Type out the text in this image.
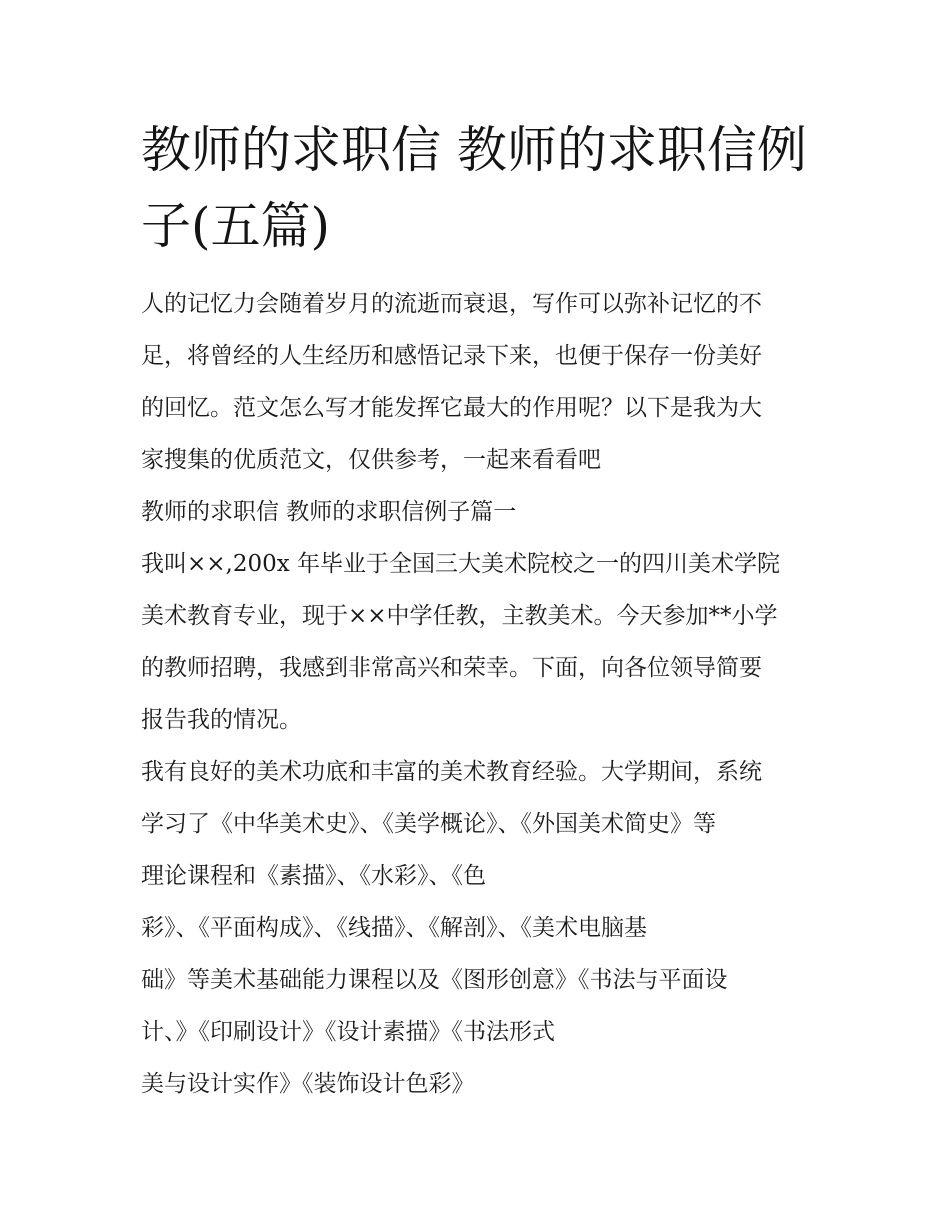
教师的求职信 教师的求职信例
子(五篇)
人的记忆力会随着岁月的流逝而衰退，写作可以弥补记忆的不
足，将曾经的人生经历和感悟记录下来，也便于保存一份美好
的回忆。范文怎么写才能发挥它最大的作用呢？以下是我为大
家搜集的优质范文，仅供参考，一起来看看吧
教师的求职信 教师的求职信例子篇一
我叫××,200x 年毕业于全国三大美术院校之一的四川美术学院
美术教育专业，现于××中学任教，主教美术。今天参加**小学
的教师招聘，我感到非常高兴和荣幸。下面，向各位领导简要
报告我的情况。
我有良好的美术功底和丰富的美术教育经验。大学期间，系统
学习了《中华美术史》、《美学概论》、《外国美术简史》等
理论课程和《素描》、《水彩》、《色
彩》、《平面构成》、《线描》、《解剖》、《美术电脑基
础》等美术基础能力课程以及《图形创意》《书法与平面设
计、》《印刷设计》《设计素描》《书法形式
美与设计实作》《装饰设计色彩》
